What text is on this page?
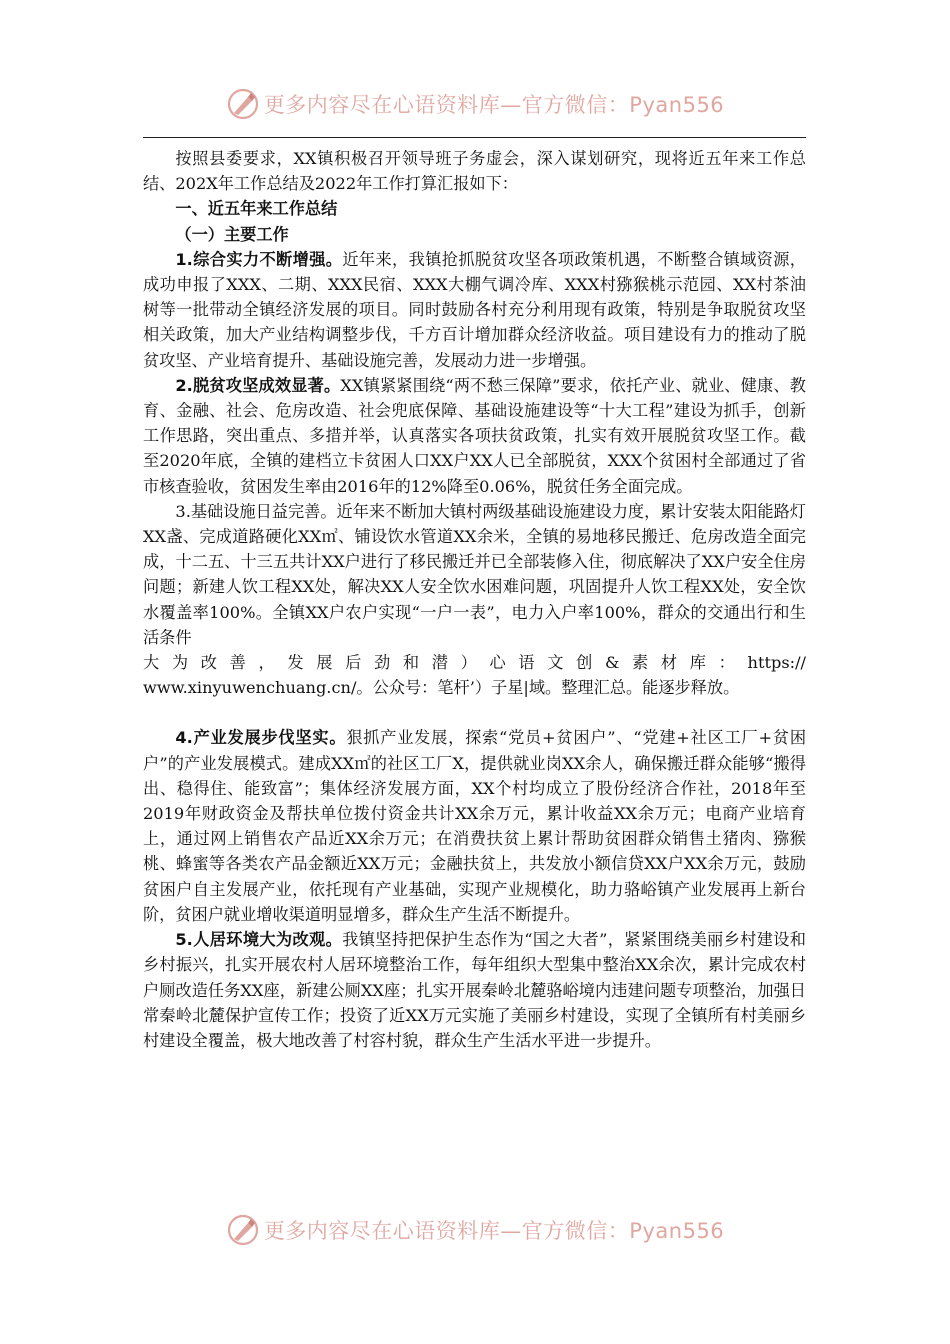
更多内容尽在心语资料库—官方微信：Pyan556

按照县委要求，XX镇积极召开领导班子务虚会，深入谋划研究，现将近五年来工作总结、202X年工作总结及2022年工作打算汇报如下：

一、近五年来工作总结

（一）主要工作

1.综合实力不断增强。近年来，我镇抢抓脱贫攻坚各项政策机遇，不断整合镇域资源，成功申报了XXX、二期、XXX民宿、XXX大棚气调冷库、XXX村猕猴桃示范园、XX村茶油树等一批带动全镇经济发展的项目。同时鼓励各村充分利用现有政策，特别是争取脱贫攻坚相关政策，加大产业结构调整步伐，千方百计增加群众经济收益。项目建设有力的推动了脱贫攻坚、产业培育提升、基础设施完善，发展动力进一步增强。

2.脱贫攻坚成效显著。XX镇紧紧围绕“两不愁三保障”要求，依托产业、就业、健康、教育、金融、社会、危房改造、社会兜底保障、基础设施建设等“十大工程”建设为抓手，创新工作思路，突出重点、多措并举，认真落实各项扶贫政策，扎实有效开展脱贫攻坚工作。截至2020年底，全镇的建档立卡贫困人口XX户XX人已全部脱贫，XXX个贫困村全部通过了省市核查验收，贫困发生率由2016年的12%降至0.06%，脱贫任务全面完成。

3.基础设施日益完善。近年来不断加大镇村两级基础设施建设力度，累计安装太阳能路灯XX盏、完成道路硬化XX㎡、铺设饮水管道XX余米，全镇的易地移民搬迁、危房改造全面完成，十二五、十三五共计XX户进行了移民搬迁并已全部装修入住，彻底解决了XX户安全住房问题；新建人饮工程XX处，解决XX人安全饮水困难问题，巩固提升人饮工程XX处，安全饮水覆盖率100%。全镇XX户农户实现“一户一表”，电力入户率100%，群众的交通出行和生活条件

大为改善，发展后劲和潜）心语文创&素材库：https://

www.xinyuwenchuang.cn/。公众号：笔杆’）子星|域。整理汇总。能逐步释放。

4.产业发展步伐坚实。狠抓产业发展，探索“党员+贫困户”、“党建+社区工厂+贫困户”的产业发展模式。建成XX㎡的社区工厂X，提供就业岗XX余人，确保搬迁群众能够“搬得出、稳得住、能致富”；集体经济发展方面，XX个村均成立了股份经济合作社，2018年至2019年财政资金及帮扶单位拨付资金共计XX余万元，累计收益XX余万元；电商产业培育上，通过网上销售农产品近XX余万元；在消费扶贫上累计帮助贫困群众销售土猪肉、猕猴桃、蜂蜜等各类农产品金额近XX万元；金融扶贫上，共发放小额信贷XX户XX余万元，鼓励贫困户自主发展产业，依托现有产业基础，实现产业规模化，助力骆峪镇产业发展再上新台阶，贫困户就业增收渠道明显增多，群众生产生活不断提升。

5.人居环境大为改观。我镇坚持把保护生态作为“国之大者”，紧紧围绕美丽乡村建设和乡村振兴，扎实开展农村人居环境整治工作，每年组织大型集中整治XX余次，累计完成农村户厕改造任务XX座，新建公厕XX座；扎实开展秦岭北麓骆峪境内违建问题专项整治，加强日常秦岭北麓保护宣传工作；投资了近XX万元实施了美丽乡村建设，实现了全镇所有村美丽乡村建设全覆盖，极大地改善了村容村貌，群众生产生活水平进一步提升。

更多内容尽在心语资料库—官方微信：Pyan556
